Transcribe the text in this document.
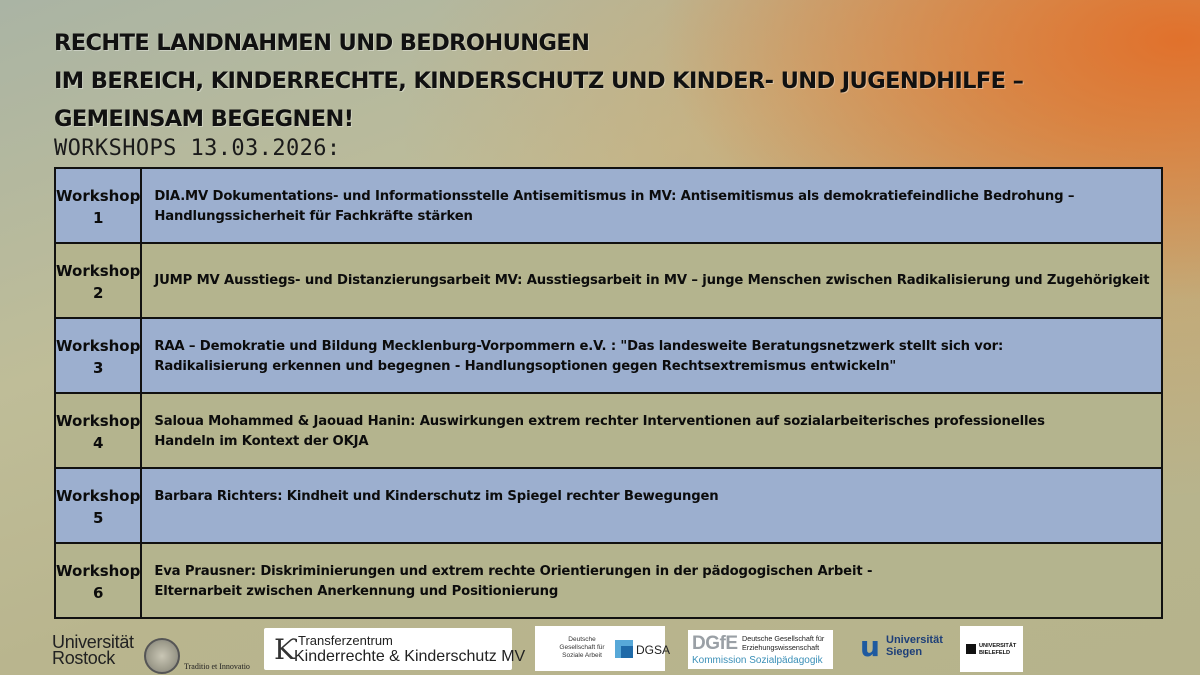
RECHTE LANDNAHMEN UND BEDROHUNGEN
IM BEREICH, KINDERRECHTE, KINDERSCHUTZ UND KINDER- UND JUGENDHILFE –
GEMEINSAM BEGEGNEN!
WORKSHOPS 13.03.2026:
Workshop
1	DIA.MV Dokumentations- und Informationsstelle Antisemitismus in MV: Antisemitismus als demokratiefeindliche Bedrohung –
Handlungssicherheit für Fachkräfte stärken

Workshop
2	JUMP MV Ausstiegs- und Distanzierungsarbeit MV: Ausstiegsarbeit in MV – junge Menschen zwischen Radikalisierung und Zugehörigkeit

Workshop
3	RAA – Demokratie und Bildung Mecklenburg-Vorpommern e.V. : "Das landesweite Beratungsnetzwerk stellt sich vor:
Radikalisierung erkennen und begegnen - Handlungsoptionen gegen Rechtsextremismus entwickeln"

Workshop
4	Saloua Mohammed & Jaouad Hanin: Auswirkungen extrem rechter Interventionen auf sozialarbeiterisches professionelles
Handeln im Kontext der OKJA

Workshop
5	Barbara Richters: Kindheit und Kinderschutz im Spiegel rechter Bewegungen

Workshop
6	Eva Prausner: Diskriminierungen und extrem rechte Orientierungen in der pädogogischen Arbeit -
Elternarbeit zwischen Anerkennung und Positionierung
Universität
Rostock	Traditio et Innovatio
Ƙ Transferzentrum
Kinderrechte & Kinderschutz MV
Deutsche Gesellschaft für Soziale Arbeit	DGSA DGfE Deutsche Gesellschaft für Erziehungswissenschaft
Kommission Sozialpädagogik u Universität
Siegen	UNIVERSITÄT
BIELEFELD
